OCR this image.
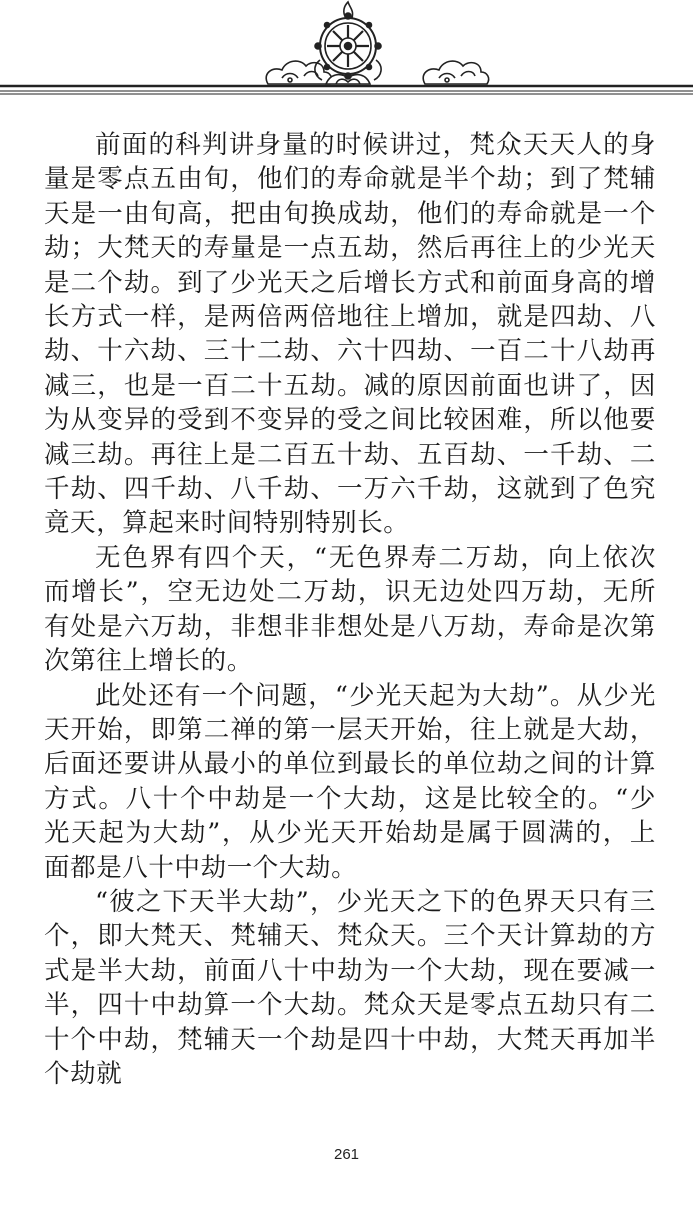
前面的科判讲身量的时候讲过，梵众天天人的身量是零点五由旬，他们的寿命就是半个劫；到了梵辅天是一由旬高，把由旬换成劫，他们的寿命就是一个劫；大梵天的寿量是一点五劫，然后再往上的少光天是二个劫。到了少光天之后增长方式和前面身高的增长方式一样，是两倍两倍地往上增加，就是四劫、八劫、十六劫、三十二劫、六十四劫、一百二十八劫再减三，也是一百二十五劫。减的原因前面也讲了，因为从变异的受到不变异的受之间比较困难，所以他要减三劫。再往上是二百五十劫、五百劫、一千劫、二千劫、四千劫、八千劫、一万六千劫，这就到了色究竟天，算起来时间特别特别长。

无色界有四个天，“无色界寿二万劫，向上依次而增长”，空无边处二万劫，识无边处四万劫，无所有处是六万劫，非想非非想处是八万劫，寿命是次第次第往上增长的。

此处还有一个问题，“少光天起为大劫”。从少光天开始，即第二禅的第一层天开始，往上就是大劫，后面还要讲从最小的单位到最长的单位劫之间的计算方式。八十个中劫是一个大劫，这是比较全的。“少光天起为大劫”，从少光天开始劫是属于圆满的，上面都是八十中劫一个大劫。

“彼之下天半大劫”，少光天之下的色界天只有三个，即大梵天、梵辅天、梵众天。三个天计算劫的方式是半大劫，前面八十中劫为一个大劫，现在要减一半，四十中劫算一个大劫。梵众天是零点五劫只有二十个中劫，梵辅天一个劫是四十中劫，大梵天再加半个劫就

261
